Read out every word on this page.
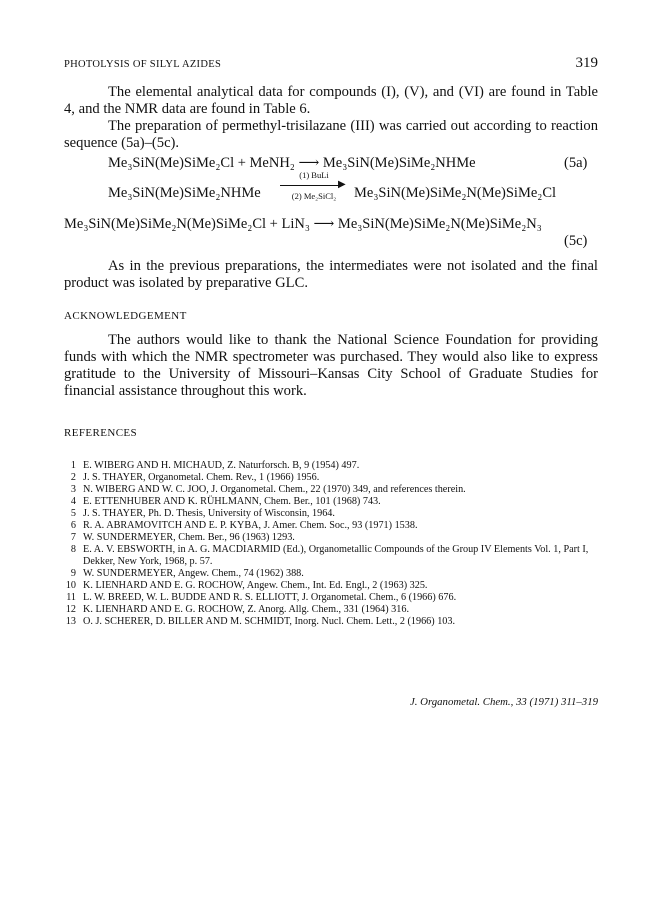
PHOTOLYSIS OF SILYL AZIDES	319

The elemental analytical data for compounds (I), (V), and (VI) are found in Table 4, and the NMR data are found in Table 6.

The preparation of permethyl-trisilazane (III) was carried out according to reaction sequence (5a)–(5c).

Me₃SiN(Me)SiMe₂Cl + MeNH₂ ⟶ Me₃SiN(Me)SiMe₂NHMe	(5a)
Me₃SiN(Me)SiMe₂NHMe
(1) BuLi
▶
(2) Me₂SiCl₂	Me₃SiN(Me)SiMe₂N(Me)SiMe₂Cl
Me₃SiN(Me)SiMe₂N(Me)SiMe₂Cl + LiN₃ ⟶ Me₃SiN(Me)SiMe₂N(Me)SiMe₂N₃
(5c)

As in the previous preparations, the intermediates were not isolated and the final product was isolated by preparative GLC.

ACKNOWLEDGEMENT

The authors would like to thank the National Science Foundation for providing funds with which the NMR spectrometer was purchased. They would also like to express gratitude to the University of Missouri–Kansas City School of Graduate Studies for financial assistance throughout this work.

REFERENCES
1 E. WIBERG AND H. MICHAUD, Z. Naturforsch. B, 9 (1954) 497.
2 J. S. THAYER, Organometal. Chem. Rev., 1 (1966) 1956.
3 N. WIBERG AND W. C. JOO, J. Organometal. Chem., 22 (1970) 349, and references therein.
4 E. ETTENHUBER AND K. RÜHLMANN, Chem. Ber., 101 (1968) 743.
5 J. S. THAYER, Ph. D. Thesis, University of Wisconsin, 1964.
6 R. A. ABRAMOVITCH AND E. P. KYBA, J. Amer. Chem. Soc., 93 (1971) 1538.
7 W. SUNDERMEYER, Chem. Ber., 96 (1963) 1293.
8 E. A. V. EBSWORTH, in A. G. MACDIARMID (Ed.), Organometallic Compounds of the Group IV Elements Vol. 1, Part I, Dekker, New York, 1968, p. 57.
9 W. SUNDERMEYER, Angew. Chem., 74 (1962) 388.
10 K. LIENHARD AND E. G. ROCHOW, Angew. Chem., Int. Ed. Engl., 2 (1963) 325.
11 L. W. BREED, W. L. BUDDE AND R. S. ELLIOTT, J. Organometal. Chem., 6 (1966) 676.
12 K. LIENHARD AND E. G. ROCHOW, Z. Anorg. Allg. Chem., 331 (1964) 316.
13 O. J. SCHERER, D. BILLER AND M. SCHMIDT, Inorg. Nucl. Chem. Lett., 2 (1966) 103.
J. Organometal. Chem., 33 (1971) 311–319
